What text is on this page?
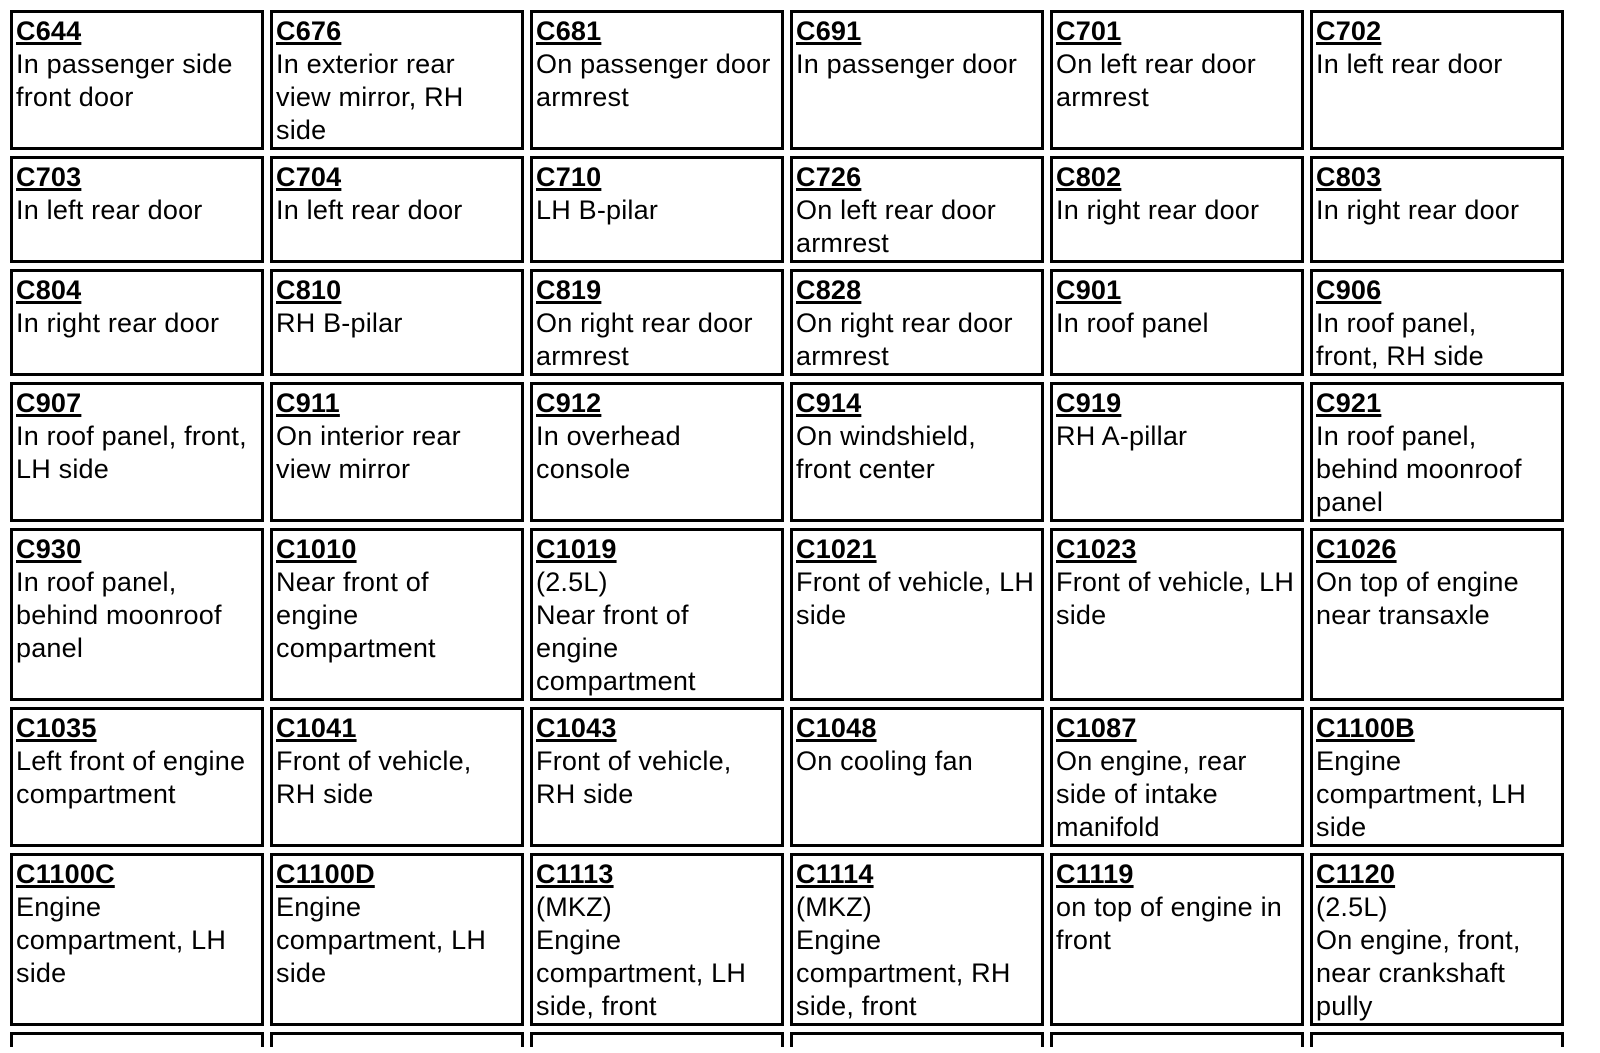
C644
In passenger side
front door	C676
In exterior rear
view mirror, RH
side	C681
On passenger door
armrest	C691
In passenger door	C701
On left rear door
armrest	C702
In left rear door

C703
In left rear door	C704
In left rear door	C710
LH B-pilar	C726
On left rear door
armrest	C802
In right rear door	C803
In right rear door

C804
In right rear door	C810
RH B-pilar	C819
On right rear door
armrest	C828
On right rear door
armrest	C901
In roof panel	C906
In roof panel,
front, RH side

C907
In roof panel, front,
LH side	C911
On interior rear
view mirror	C912
In overhead
console	C914
On windshield,
front center	C919
RH A-pillar	C921
In roof panel,
behind moonroof
panel

C930
In roof panel,
behind moonroof
panel	C1010
Near front of
engine
compartment	C1019
(2.5L)
Near front of
engine
compartment	C1021
Front of vehicle, LH
side	C1023
Front of vehicle, LH
side	C1026
On top of engine
near transaxle

C1035
Left front of engine
compartment	C1041
Front of vehicle,
RH side	C1043
Front of vehicle,
RH side	C1048
On cooling fan	C1087
On engine, rear
side of intake
manifold	C1100B
Engine
compartment, LH
side

C1100C
Engine
compartment, LH
side	C1100D
Engine
compartment, LH
side	C1113
(MKZ)
Engine
compartment, LH
side, front	C1114
(MKZ)
Engine
compartment, RH
side, front	C1119
on top of engine in
front	C1120
(2.5L)
On engine, front,
near crankshaft
pully
